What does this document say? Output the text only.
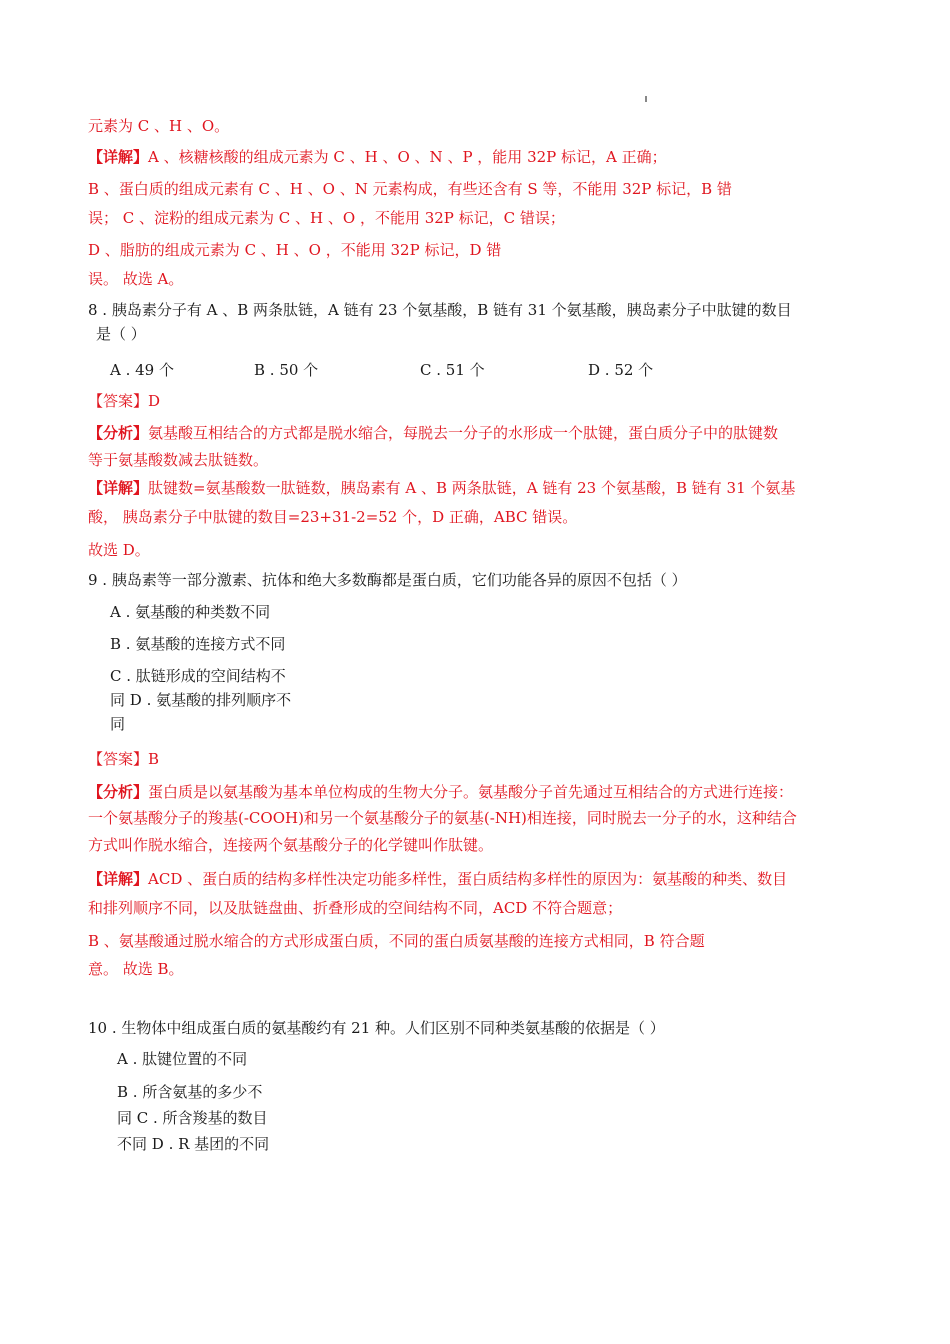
元素为 C 、H 、O。
【详解】A 、核糖核酸的组成元素为 C 、H 、O 、N 、P ，能用 32P 标记，A 正确；
B 、蛋白质的组成元素有 C 、H 、O 、N 元素构成，有些还含有 S 等，不能用 32P 标记，B 错
误； C 、淀粉的组成元素为 C 、H 、O ，不能用 32P 标记，C 错误；
D 、脂肪的组成元素为 C 、H 、O ，不能用 32P 标记，D 错
误。 故选 A。
8 . 胰岛素分子有 A 、B 两条肽链，A 链有 23 个氨基酸，B 链有 31 个氨基酸，胰岛素分子中肽键的数目
是（ ）
A . 49 个	B . 50 个	C . 51 个	D . 52 个
【答案】D
【分析】氨基酸互相结合的方式都是脱水缩合，每脱去一分子的水形成一个肽键，蛋白质分子中的肽键数
等于氨基酸数减去肽链数。
【详解】肽键数=氨基酸数一肽链数，胰岛素有 A 、B 两条肽链，A 链有 23 个氨基酸，B 链有 31 个氨基
酸， 胰岛素分子中肽键的数目=23+31-2=52 个，D 正确，ABC 错误。
故选 D。
9 . 胰岛素等一部分激素、抗体和绝大多数酶都是蛋白质，它们功能各异的原因不包括（ ）
A . 氨基酸的种类数不同
B . 氨基酸的连接方式不同
C . 肽链形成的空间结构不
同 D . 氨基酸的排列顺序不
同
【答案】B
【分析】蛋白质是以氨基酸为基本单位构成的生物大分子。氨基酸分子首先通过互相结合的方式进行连接：
一个氨基酸分子的羧基(-COOH)和另一个氨基酸分子的氨基(-NH)相连接，同时脱去一分子的水，这种结合
方式叫作脱水缩合，连接两个氨基酸分子的化学键叫作肽键。
【详解】ACD 、蛋白质的结构多样性决定功能多样性，蛋白质结构多样性的原因为：氨基酸的种类、数目
和排列顺序不同，以及肽链盘曲、折叠形成的空间结构不同，ACD 不符合题意；
B 、氨基酸通过脱水缩合的方式形成蛋白质，不同的蛋白质氨基酸的连接方式相同，B 符合题
意。 故选 B。
10 . 生物体中组成蛋白质的氨基酸约有 21 种。人们区别不同种类氨基酸的依据是（ ）
A . 肽键位置的不同
B . 所含氨基的多少不
同 C . 所含羧基的数目
不同 D . R 基团的不同
